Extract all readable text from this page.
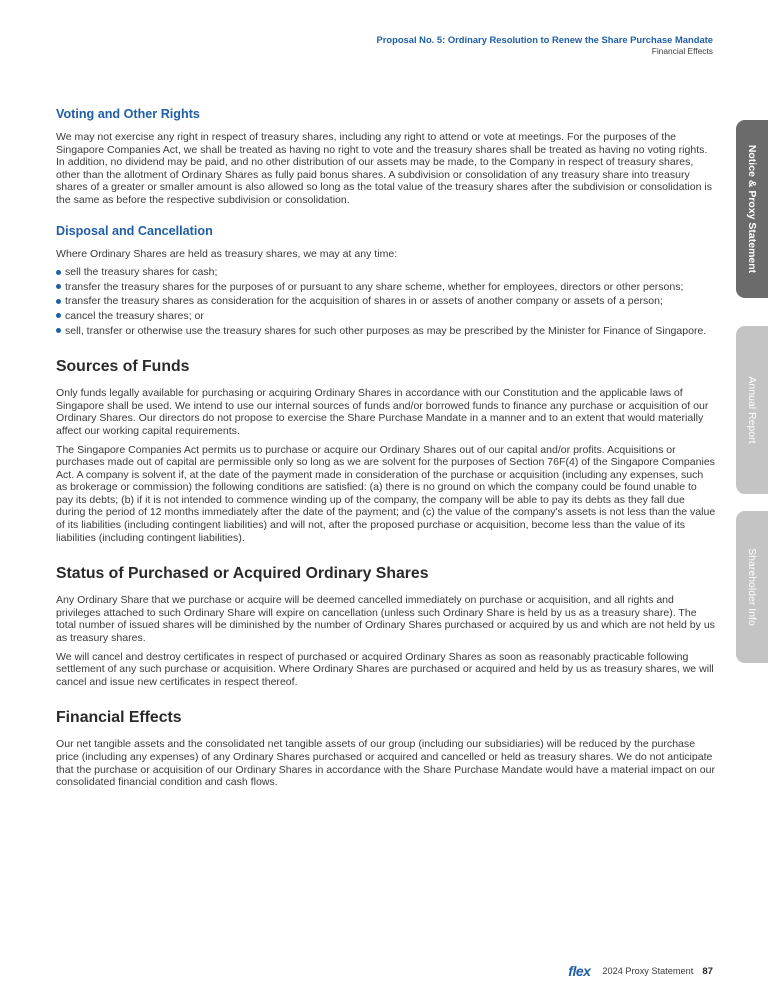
Proposal No. 5: Ordinary Resolution to Renew the Share Purchase Mandate
Financial Effects
Voting and Other Rights

We may not exercise any right in respect of treasury shares, including any right to attend or vote at meetings. For the purposes of the Singapore Companies Act, we shall be treated as having no right to vote and the treasury shares shall be treated as having no voting rights. In addition, no dividend may be paid, and no other distribution of our assets may be made, to the Company in respect of treasury shares, other than the allotment of Ordinary Shares as fully paid bonus shares. A subdivision or consolidation of any treasury share into treasury shares of a greater or smaller amount is also allowed so long as the total value of the treasury shares after the subdivision or consolidation is the same as before the respective subdivision or consolidation.

Disposal and Cancellation

Where Ordinary Shares are held as treasury shares, we may at any time:

sell the treasury shares for cash;
transfer the treasury shares for the purposes of or pursuant to any share scheme, whether for employees, directors or other persons;
transfer the treasury shares as consideration for the acquisition of shares in or assets of another company or assets of a person;
cancel the treasury shares; or
sell, transfer or otherwise use the treasury shares for such other purposes as may be prescribed by the Minister for Finance of Singapore.
Sources of Funds

Only funds legally available for purchasing or acquiring Ordinary Shares in accordance with our Constitution and the applicable laws of Singapore shall be used. We intend to use our internal sources of funds and/or borrowed funds to finance any purchase or acquisition of our Ordinary Shares. Our directors do not propose to exercise the Share Purchase Mandate in a manner and to an extent that would materially affect our working capital requirements.

The Singapore Companies Act permits us to purchase or acquire our Ordinary Shares out of our capital and/or profits. Acquisitions or purchases made out of capital are permissible only so long as we are solvent for the purposes of Section 76F(4) of the Singapore Companies Act. A company is solvent if, at the date of the payment made in consideration of the purchase or acquisition (including any expenses, such as brokerage or commission) the following conditions are satisfied: (a) there is no ground on which the company could be found unable to pay its debts; (b) if it is not intended to commence winding up of the company, the company will be able to pay its debts as they fall due during the period of 12 months immediately after the date of the payment; and (c) the value of the company's assets is not less than the value of its liabilities (including contingent liabilities) and will not, after the proposed purchase or acquisition, become less than the value of its liabilities (including contingent liabilities).

Status of Purchased or Acquired Ordinary Shares

Any Ordinary Share that we purchase or acquire will be deemed cancelled immediately on purchase or acquisition, and all rights and privileges attached to such Ordinary Share will expire on cancellation (unless such Ordinary Share is held by us as a treasury share). The total number of issued shares will be diminished by the number of Ordinary Shares purchased or acquired by us and which are not held by us as treasury shares.

We will cancel and destroy certificates in respect of purchased or acquired Ordinary Shares as soon as reasonably practicable following settlement of any such purchase or acquisition. Where Ordinary Shares are purchased or acquired and held by us as treasury shares, we will cancel and issue new certificates in respect thereof.

Financial Effects

Our net tangible assets and the consolidated net tangible assets of our group (including our subsidiaries) will be reduced by the purchase price (including any expenses) of any Ordinary Shares purchased or acquired and cancelled or held as treasury shares. We do not anticipate that the purchase or acquisition of our Ordinary Shares in accordance with the Share Purchase Mandate would have a material impact on our consolidated financial condition and cash flows.

Notice & Proxy Statement
Annual Report
Shareholder Info
flex 2024 Proxy Statement 87
